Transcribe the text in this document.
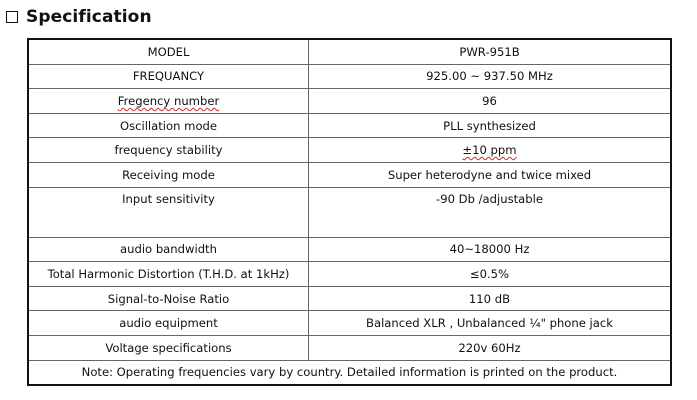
Specification
MODEL	PWR-951B
FREQUANCY	925.00 ~ 937.50 MHz
Fregency number	96
Oscillation mode	PLL synthesized
frequency stability	±10 ppm
Receiving mode	Super heterodyne and twice mixed
Input sensitivity	-90 Db /adjustable
audio bandwidth	40~18000 Hz
Total Harmonic Distortion (T.H.D. at 1kHz)	≤0.5%
Signal-to-Noise Ratio	110 dB
audio equipment	Balanced XLR , Unbalanced ¼" phone jack
Voltage specifications	220v 60Hz
Note: Operating frequencies vary by country. Detailed information is printed on the product.	
